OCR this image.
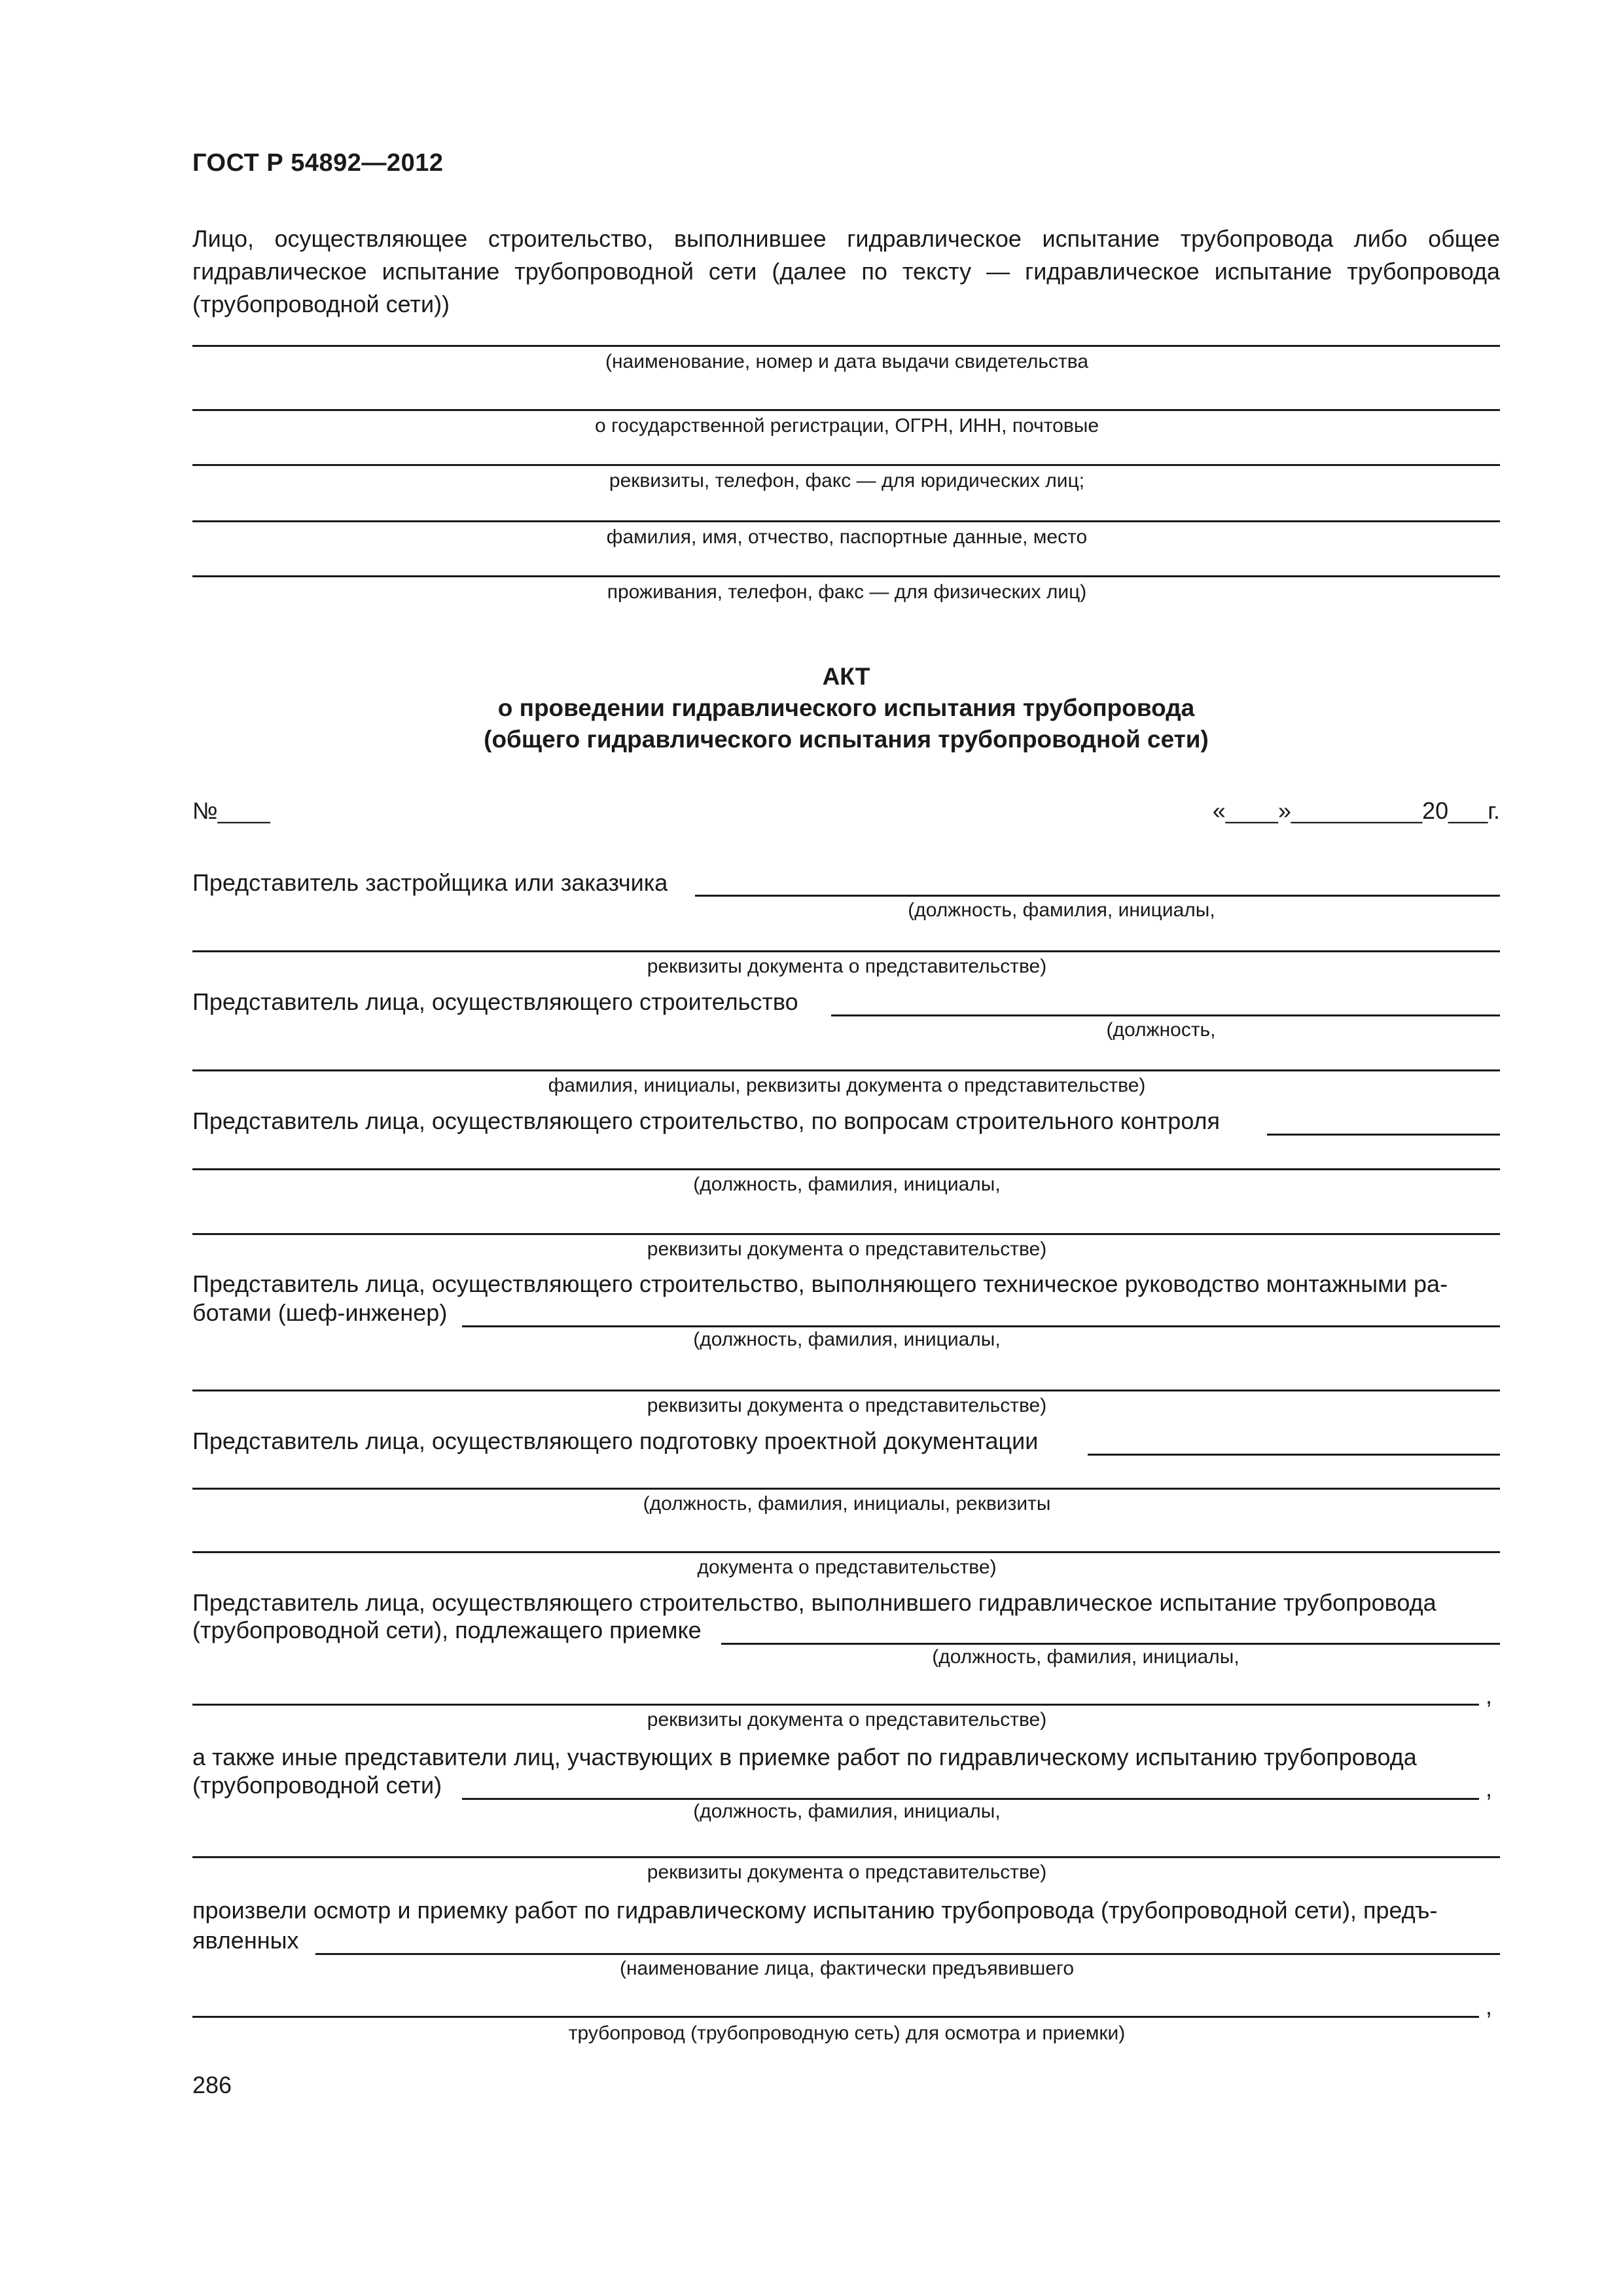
ГОСТ Р 54892—2012
Лицо, осуществляющее строительство, выполнившее гидравлическое испытание трубопровода либо общее гидравлическое испытание трубопроводной сети (далее по тексту — гидравлическое испытание трубопровода (трубопроводной сети))
(наименование, номер и дата выдачи свидетельства
о государственной регистрации, ОГРН, ИНН, почтовые
реквизиты, телефон, факс — для юридических лиц;
фамилия, имя, отчество, паспортные данные, место
проживания, телефон, факс — для физических лиц)
АКТ
о проведении гидравлического испытания трубопровода
(общего гидравлического испытания трубопроводной сети)
№____	«____»__________20___г.
Представитель застройщика или заказчика
(должность, фамилия, инициалы,
реквизиты документа о представительстве)
Представитель лица, осуществляющего строительство
(должность,
фамилия, инициалы, реквизиты документа о представительстве)
Представитель лица, осуществляющего строительство, по вопросам строительного контроля
(должность, фамилия, инициалы,
реквизиты документа о представительстве)
Представитель лица, осуществляющего строительство, выполняющего техническое руководство монтажными ра-
ботами (шеф-инженер)
(должность, фамилия, инициалы,
реквизиты документа о представительстве)
Представитель лица, осуществляющего подготовку проектной документации
(должность, фамилия, инициалы, реквизиты
документа о представительстве)
Представитель лица, осуществляющего строительство, выполнившего гидравлическое испытание трубопровода
(трубопроводной сети), подлежащего приемке
(должность, фамилия, инициалы,
,
реквизиты документа о представительстве)
а также иные представители лиц, участвующих в приемке работ по гидравлическому испытанию трубопровода
(трубопроводной сети)	,
(должность, фамилия, инициалы,
реквизиты документа о представительстве)
произвели осмотр и приемку работ по гидравлическому испытанию трубопровода (трубопроводной сети), предъ-
явленных
(наименование лица, фактически предъявившего
,
трубопровод (трубопроводную сеть) для осмотра и приемки)
286
